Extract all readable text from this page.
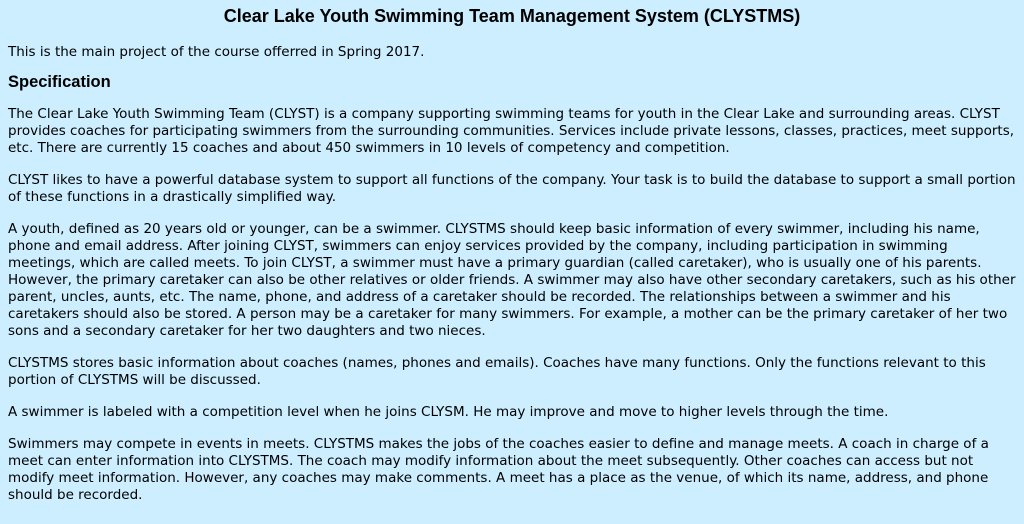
Clear Lake Youth Swimming Team Management System (CLYSTMS)

This is the main project of the course offerred in Spring 2017.

Specification

The Clear Lake Youth Swimming Team (CLYST) is a company supporting swimming teams for youth in the Clear Lake and surrounding areas. CLYST provides coaches for participating swimmers from the surrounding communities. Services include private lessons, classes, practices, meet supports, etc. There are currently 15 coaches and about 450 swimmers in 10 levels of competency and competition.

CLYST likes to have a powerful database system to support all functions of the company. Your task is to build the database to support a small portion of these functions in a drastically simplified way.

A youth, defined as 20 years old or younger, can be a swimmer. CLYSTMS should keep basic information of every swimmer, including his name, phone and email address. After joining CLYST, swimmers can enjoy services provided by the company, including participation in swimming meetings, which are called meets. To join CLYST, a swimmer must have a primary guardian (called caretaker), who is usually one of his parents. However, the primary caretaker can also be other relatives or older friends. A swimmer may also have other secondary caretakers, such as his other parent, uncles, aunts, etc. The name, phone, and address of a caretaker should be recorded. The relationships between a swimmer and his caretakers should also be stored. A person may be a caretaker for many swimmers. For example, a mother can be the primary caretaker of her two sons and a secondary caretaker for her two daughters and two nieces.

CLYSTMS stores basic information about coaches (names, phones and emails). Coaches have many functions. Only the functions relevant to this portion of CLYSTMS will be discussed.

A swimmer is labeled with a competition level when he joins CLYSM. He may improve and move to higher levels through the time.

Swimmers may compete in events in meets. CLYSTMS makes the jobs of the coaches easier to define and manage meets. A coach in charge of a meet can enter information into CLYSTMS. The coach may modify information about the meet subsequently. Other coaches can access but not modify meet information. However, any coaches may make comments. A meet has a place as the venue, of which its name, address, and phone should be recorded.
